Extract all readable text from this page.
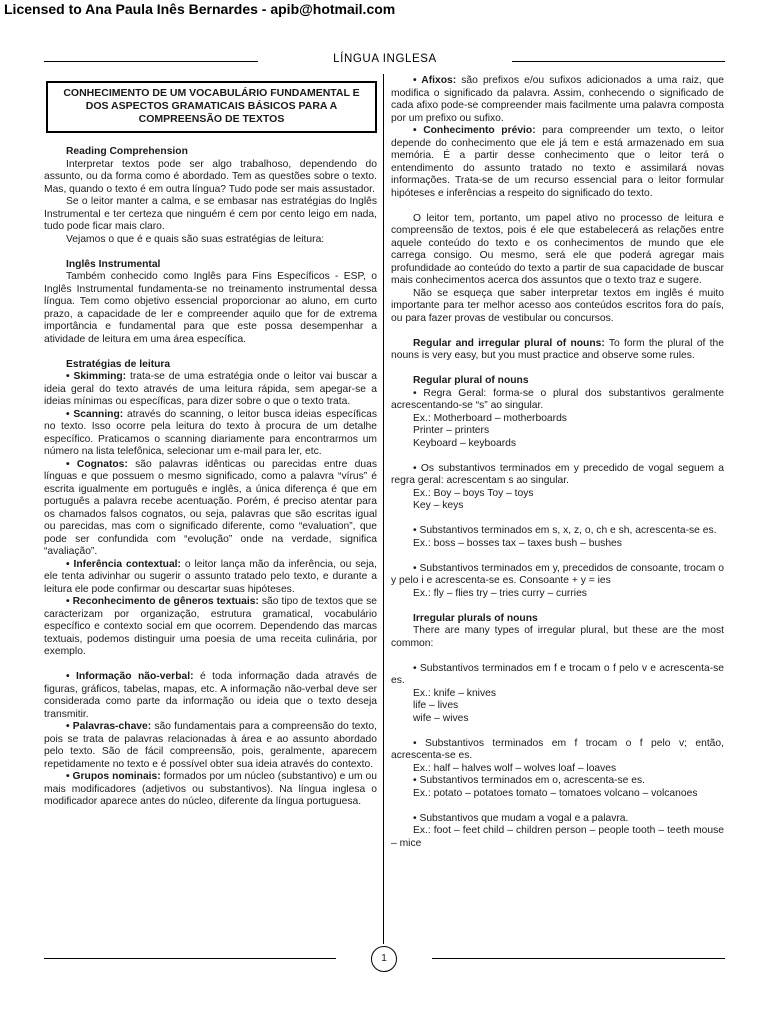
Licensed to Ana Paula Inês Bernardes - apib@hotmail.com
LÍNGUA INGLESA
CONHECIMENTO DE UM VOCABULÁRIO FUNDAMENTAL E DOS ASPECTOS GRAMATICAIS BÁSICOS PARA A COMPREENSÃO DE TEXTOS

Reading Comprehension

Interpretar textos pode ser algo trabalhoso, dependendo do assunto, ou da forma como é abordado. Tem as questões sobre o texto. Mas, quando o texto é em outra língua? Tudo pode ser mais assustador.

Se o leitor manter a calma, e se embasar nas estratégias do Inglês Instrumental e ter certeza que ninguém é cem por cento leigo em nada, tudo pode ficar mais claro.

Vejamos o que é e quais são suas estratégias de leitura:

Inglês Instrumental

Também conhecido como Inglês para Fins Específicos - ESP, o Inglês Instrumental fundamenta-se no treinamento instrumental dessa língua. Tem como objetivo essencial proporcionar ao aluno, em curto prazo, a capacidade de ler e compreender aquilo que for de extrema importância e fundamental para que este possa desempenhar a atividade de leitura em uma área específica.

Estratégias de leitura

• Skimming: trata-se de uma estratégia onde o leitor vai buscar a ideia geral do texto através de uma leitura rápida, sem apegar-se a ideias mínimas ou específicas, para dizer sobre o que o texto trata.

• Scanning: através do scanning, o leitor busca ideias específicas no texto. Isso ocorre pela leitura do texto à procura de um detalhe específico. Praticamos o scanning diariamente para encontrarmos um número na lista telefônica, selecionar um e-mail para ler, etc.

• Cognatos: são palavras idênticas ou parecidas entre duas línguas e que possuem o mesmo significado, como a palavra “vírus” é escrita igualmente em português e inglês, a única diferença é que em português a palavra recebe acentuação. Porém, é preciso atentar para os chamados falsos cognatos, ou seja, palavras que são escritas igual ou parecidas, mas com o significado diferente, como “evaluation”, que pode ser confundida com “evolução” onde na verdade, significa “avaliação”.

• Inferência contextual: o leitor lança mão da inferência, ou seja, ele tenta adivinhar ou sugerir o assunto tratado pelo texto, e durante a leitura ele pode confirmar ou descartar suas hipóteses.

• Reconhecimento de gêneros textuais: são tipo de textos que se caracterizam por organização, estrutura gramatical, vocabulário específico e contexto social em que ocorrem. Dependendo das marcas textuais, podemos distinguir uma poesia de uma receita culinária, por exemplo.

• Informação não-verbal: é toda informação dada através de figuras, gráficos, tabelas, mapas, etc. A informação não-verbal deve ser considerada como parte da informação ou ideia que o texto deseja transmitir.

• Palavras-chave: são fundamentais para a compreensão do texto, pois se trata de palavras relacionadas à área e ao assunto abordado pelo texto. São de fácil compreensão, pois, geralmente, aparecem repetidamente no texto e é possível obter sua ideia através do contexto.

• Grupos nominais: formados por um núcleo (substantivo) e um ou mais modificadores (adjetivos ou substantivos). Na língua inglesa o modificador aparece antes do núcleo, diferente da língua portuguesa.

• Afixos: são prefixos e/ou sufixos adicionados a uma raiz, que modifica o significado da palavra. Assim, conhecendo o significado de cada afixo pode-se compreender mais facilmente uma palavra composta por um prefixo ou sufixo.

• Conhecimento prévio: para compreender um texto, o leitor depende do conhecimento que ele já tem e está armazenado em sua memória. É a partir desse conhecimento que o leitor terá o entendimento do assunto tratado no texto e assimilará novas informações. Trata-se de um recurso essencial para o leitor formular hipóteses e inferências a respeito do significado do texto.

O leitor tem, portanto, um papel ativo no processo de leitura e compreensão de textos, pois é ele que estabelecerá as relações entre aquele conteúdo do texto e os conhecimentos de mundo que ele carrega consigo. Ou mesmo, será ele que poderá agregar mais profundidade ao conteúdo do texto a partir de sua capacidade de buscar mais conhecimentos acerca dos assuntos que o texto traz e sugere.

Não se esqueça que saber interpretar textos em inglês é muito importante para ter melhor acesso aos conteúdos escritos fora do país, ou para fazer provas de vestibular ou concursos.

Regular and irregular plural of nouns: To form the plural of the nouns is very easy, but you must practice and observe some rules.

Regular plural of nouns

• Regra Geral: forma-se o plural dos substantivos geralmente acrescentando-se “s” ao singular.

Ex.: Motherboard – motherboards

Printer – printers

Keyboard – keyboards

• Os substantivos terminados em y precedido de vogal seguem a regra geral: acrescentam s ao singular.

Ex.: Boy – boys Toy – toys

Key – keys

• Substantivos terminados em s, x, z, o, ch e sh, acrescenta-se es.

Ex.: boss – bosses tax – taxes bush – bushes

• Substantivos terminados em y, precedidos de consoante, trocam o y pelo i e acrescenta-se es. Consoante + y = ies

Ex.: fly – flies try – tries curry – curries

Irregular plurals of nouns

There are many types of irregular plural, but these are the most common:

• Substantivos terminados em f e trocam o f pelo v e acrescenta-se es.

Ex.: knife – knives

life – lives

wife – wives

• Substantivos terminados em f trocam o f pelo v; então, acrescenta-se es.

Ex.: half – halves wolf – wolves loaf – loaves

• Substantivos terminados em o, acrescenta-se es.

Ex.: potato – potatoes tomato – tomatoes volcano – volcanoes

• Substantivos que mudam a vogal e a palavra.

Ex.: foot – feet child – children person – people tooth – teeth mouse – mice

1
